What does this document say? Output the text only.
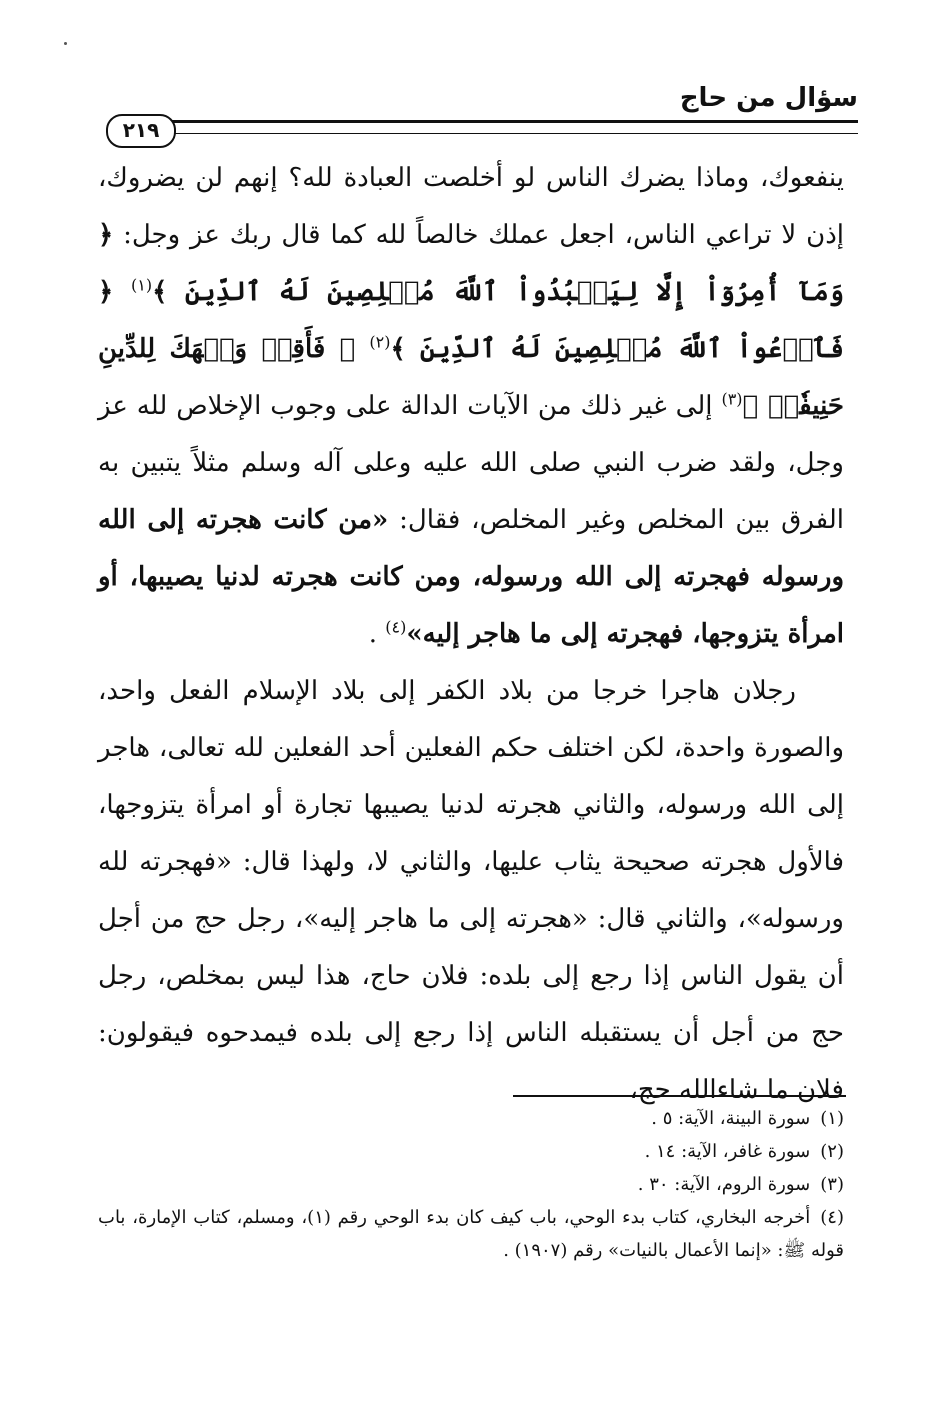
سؤال من حاج
٢١٩

ينفعوك، وماذا يضرك الناس لو أخلصت العبادة لله؟ إنهم لن يضروك، إذن لا تراعي الناس، اجعل عملك خالصاً لله كما قال ربك عز وجل: ﴿ وَمَآ أُمِرُوٓاْ إِلَّا لِيَعۡبُدُواْ ٱللَّهَ مُخۡلِصِينَ لَهُ ٱلدِّينَ ﴾$^{(١)}$ ﴿ فَٱدۡعُواْ ٱللَّهَ مُخۡلِصِينَ لَهُ ٱلدِّينَ ﴾$^{(٢)}$ ﴿ فَأَقِمۡ وَجۡهَكَ لِلدِّينِ حَنِيفٗاۚ ﴾$^{(٣)}$ إلى غير ذلك من الآيات الدالة على وجوب الإخلاص لله عز وجل، ولقد ضرب النبي صلى الله عليه وعلى آله وسلم مثلاً يتبين به الفرق بين المخلص وغير المخلص، فقال: «من كانت هجرته إلى الله ورسوله فهجرته إلى الله ورسوله، ومن كانت هجرته لدنيا يصيبها، أو امرأة يتزوجها، فهجرته إلى ما هاجر إليه»$^{(٤)}$ .

رجلان هاجرا خرجا من بلاد الكفر إلى بلاد الإسلام الفعل واحد، والصورة واحدة، لكن اختلف حكم الفعلين أحد الفعلين لله تعالى، هاجر إلى الله ورسوله، والثاني هجرته لدنيا يصيبها تجارة أو امرأة يتزوجها، فالأول هجرته صحيحة يثاب عليها، والثاني لا، ولهذا قال: «فهجرته لله ورسوله»، والثاني قال: «هجرته إلى ما هاجر إليه»، رجل حج من أجل أن يقول الناس إذا رجع إلى بلده: فلان حاج، هذا ليس بمخلص، رجل حج من أجل أن يستقبله الناس إذا رجع إلى بلده فيمدحوه فيقولون: فلان ما شاءالله حج،

(١)سورة البينة، الآية: ٥ .

(٢)سورة غافر، الآية: ١٤ .

(٣)سورة الروم، الآية: ٣٠ .

(٤)أخرجه البخاري، كتاب بدء الوحي، باب كيف كان بدء الوحي رقم (١)، ومسلم، كتاب الإمارة، باب قوله ﷺ: «إنما الأعمال بالنيات» رقم (١٩٠٧) .
